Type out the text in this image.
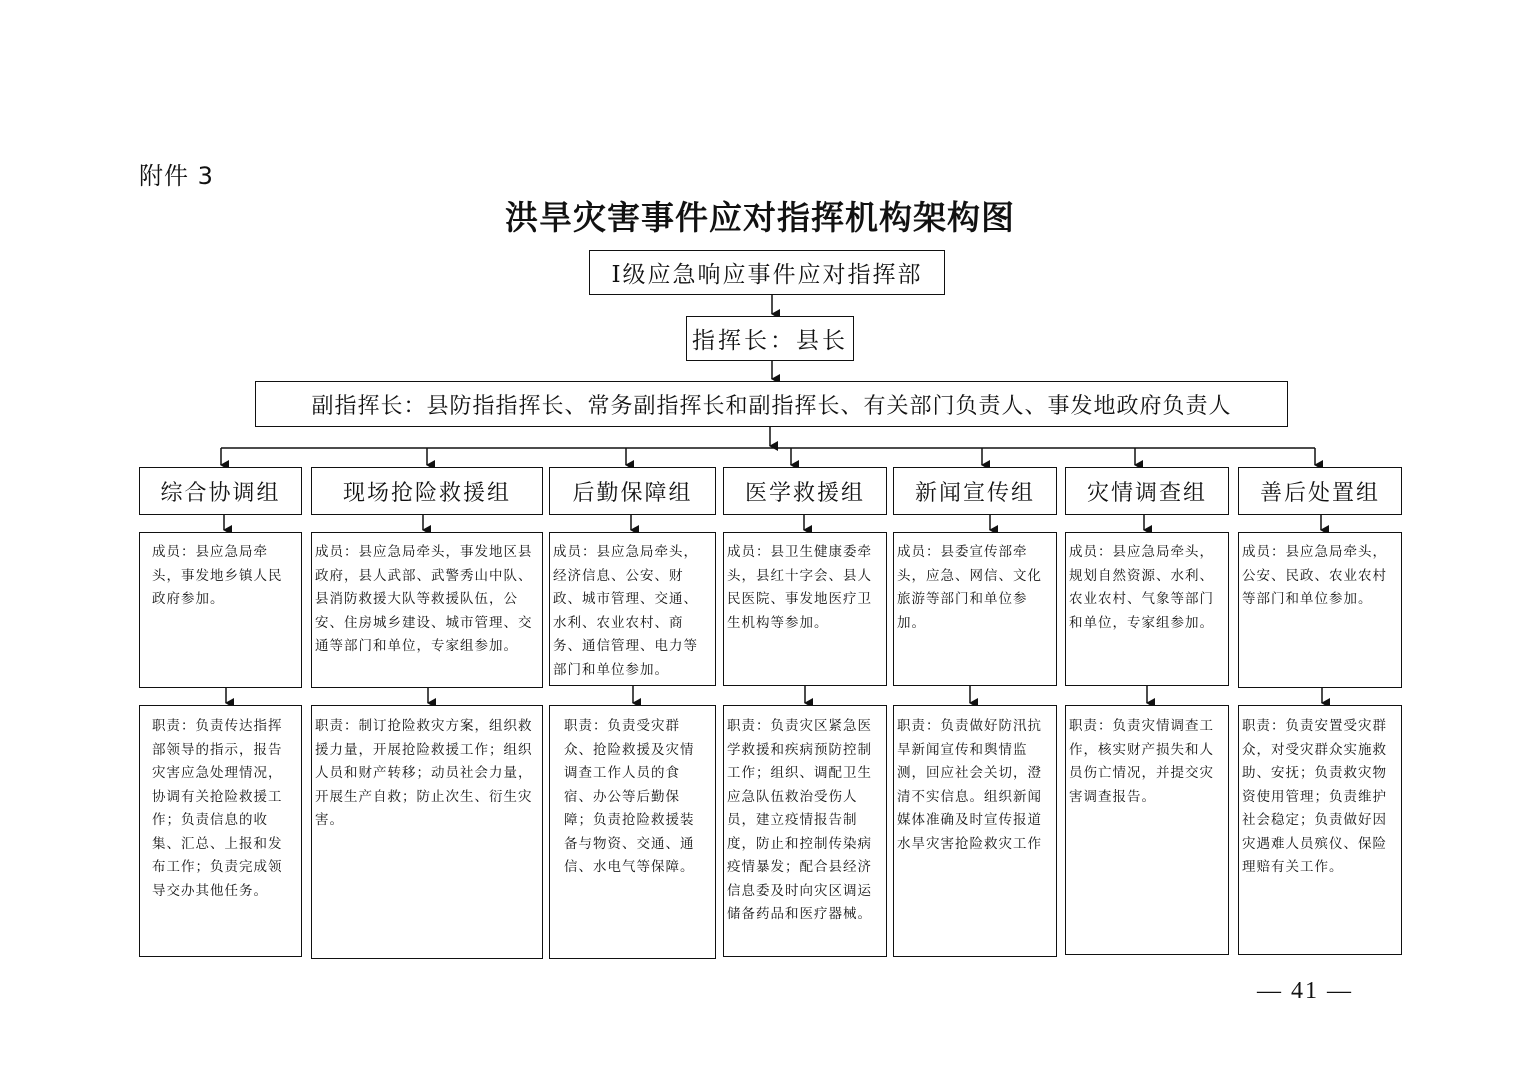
附件 3
洪旱灾害事件应对指挥机构架构图
Ⅰ级应急响应事件应对指挥部
指挥长：县长
副指挥长：县防指指挥长、常务副指挥长和副指挥长、有关部门负责人、事发地政府负责人
综合协调组	现场抢险救援组	后勤保障组	医学救援组	新闻宣传组	灾情调查组	善后处置组
成员：县应急局牵头，事发地乡镇人民政府参加。
成员：县应急局牵头，事发地区县政府，县人武部、武警秀山中队、县消防救援大队等救援队伍，公安、住房城乡建设、城市管理、交通等部门和单位，专家组参加。
成员：县应急局牵头，经济信息、公安、财政、城市管理、交通、水利、农业农村、商务、通信管理、电力等部门和单位参加。
成员：县卫生健康委牵头，县红十字会、县人民医院、事发地医疗卫生机构等参加。
成员：县委宣传部牵头，应急、网信、文化旅游等部门和单位参加。
成员：县应急局牵头，规划自然资源、水利、农业农村、气象等部门和单位，专家组参加。
成员：县应急局牵头，公安、民政、农业农村等部门和单位参加。
职责：负责传达指挥部领导的指示，报告灾害应急处理情况，协调有关抢险救援工作；负责信息的收集、汇总、上报和发布工作；负责完成领导交办其他任务。
职责：制订抢险救灾方案，组织救援力量，开展抢险救援工作；组织人员和财产转移；动员社会力量，开展生产自救；防止次生、衍生灾害。
职责：负责受灾群众、抢险救援及灾情调查工作人员的食宿、办公等后勤保障；负责抢险救援装备与物资、交通、通信、水电气等保障。
职责：负责灾区紧急医学救援和疾病预防控制工作；组织、调配卫生应急队伍救治受伤人员，建立疫情报告制度，防止和控制传染病疫情暴发；配合县经济信息委及时向灾区调运储备药品和医疗器械。
职责：负责做好防汛抗旱新闻宣传和舆情监测，回应社会关切，澄清不实信息。组织新闻媒体准确及时宣传报道水旱灾害抢险救灾工作
职责：负责灾情调查工作，核实财产损失和人员伤亡情况，并提交灾害调查报告。
职责：负责安置受灾群众，对受灾群众实施救助、安抚；负责救灾物资使用管理；负责维护社会稳定；负责做好因灾遇难人员殡仪、保险理赔有关工作。
— 41 —
